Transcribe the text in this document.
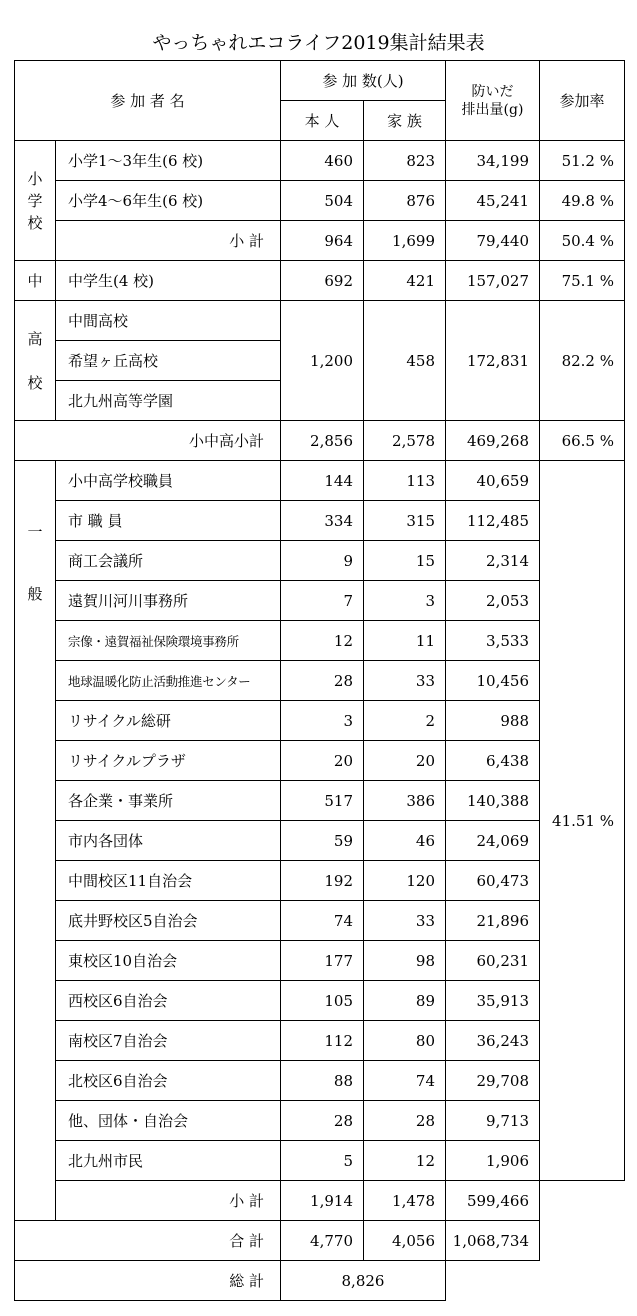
やっちゃれエコライフ2019集計結果表
参 加 者 名		参 加 数(人)		防いだ
排出量(g)	参加率
		本 人	家 族		

小学校	小学1～3年生(6 校)	460	823	34,199	51.2 %
	小学4～6年生(6 校)	504	876	45,241	49.8 %
	小 計	964	1,699	79,440	50.4 %
中	中学生(4 校)	692	421	157,027	75.1 %

高校	中間高校	1,200	458	172,831	82.2 %
	希望ヶ丘高校				
	北九州高等学園				
小中高小計		2,856	2,578	469,268	66.5 %

一般	小中高学校職員	144	113	40,659	41.51 %
	市 職 員	334	315	112,485	
	商工会議所	9	15	2,314	
	遠賀川河川事務所	7	3	2,053	
	宗像・遠賀福祉保険環境事務所	12	11	3,533	
	地球温暖化防止活動推進センター	28	33	10,456	
	リサイクル総研	3	2	988	
	リサイクルプラザ	20	20	6,438	
	各企業・事業所	517	386	140,388	
	市内各団体	59	46	24,069	
	中間校区11自治会	192	120	60,473	
	底井野校区5自治会	74	33	21,896	
	東校区10自治会	177	98	60,231	
	西校区6自治会	105	89	35,913	
	南校区7自治会	112	80	36,243	
	北校区6自治会	88	74	29,708	
	他、団体・自治会	28	28	9,713	
	北九州市民	5	12	1,906	
	小 計	1,914	1,478	599,466	
合 計		4,770	4,056	1,068,734	
総 計		8,826			
